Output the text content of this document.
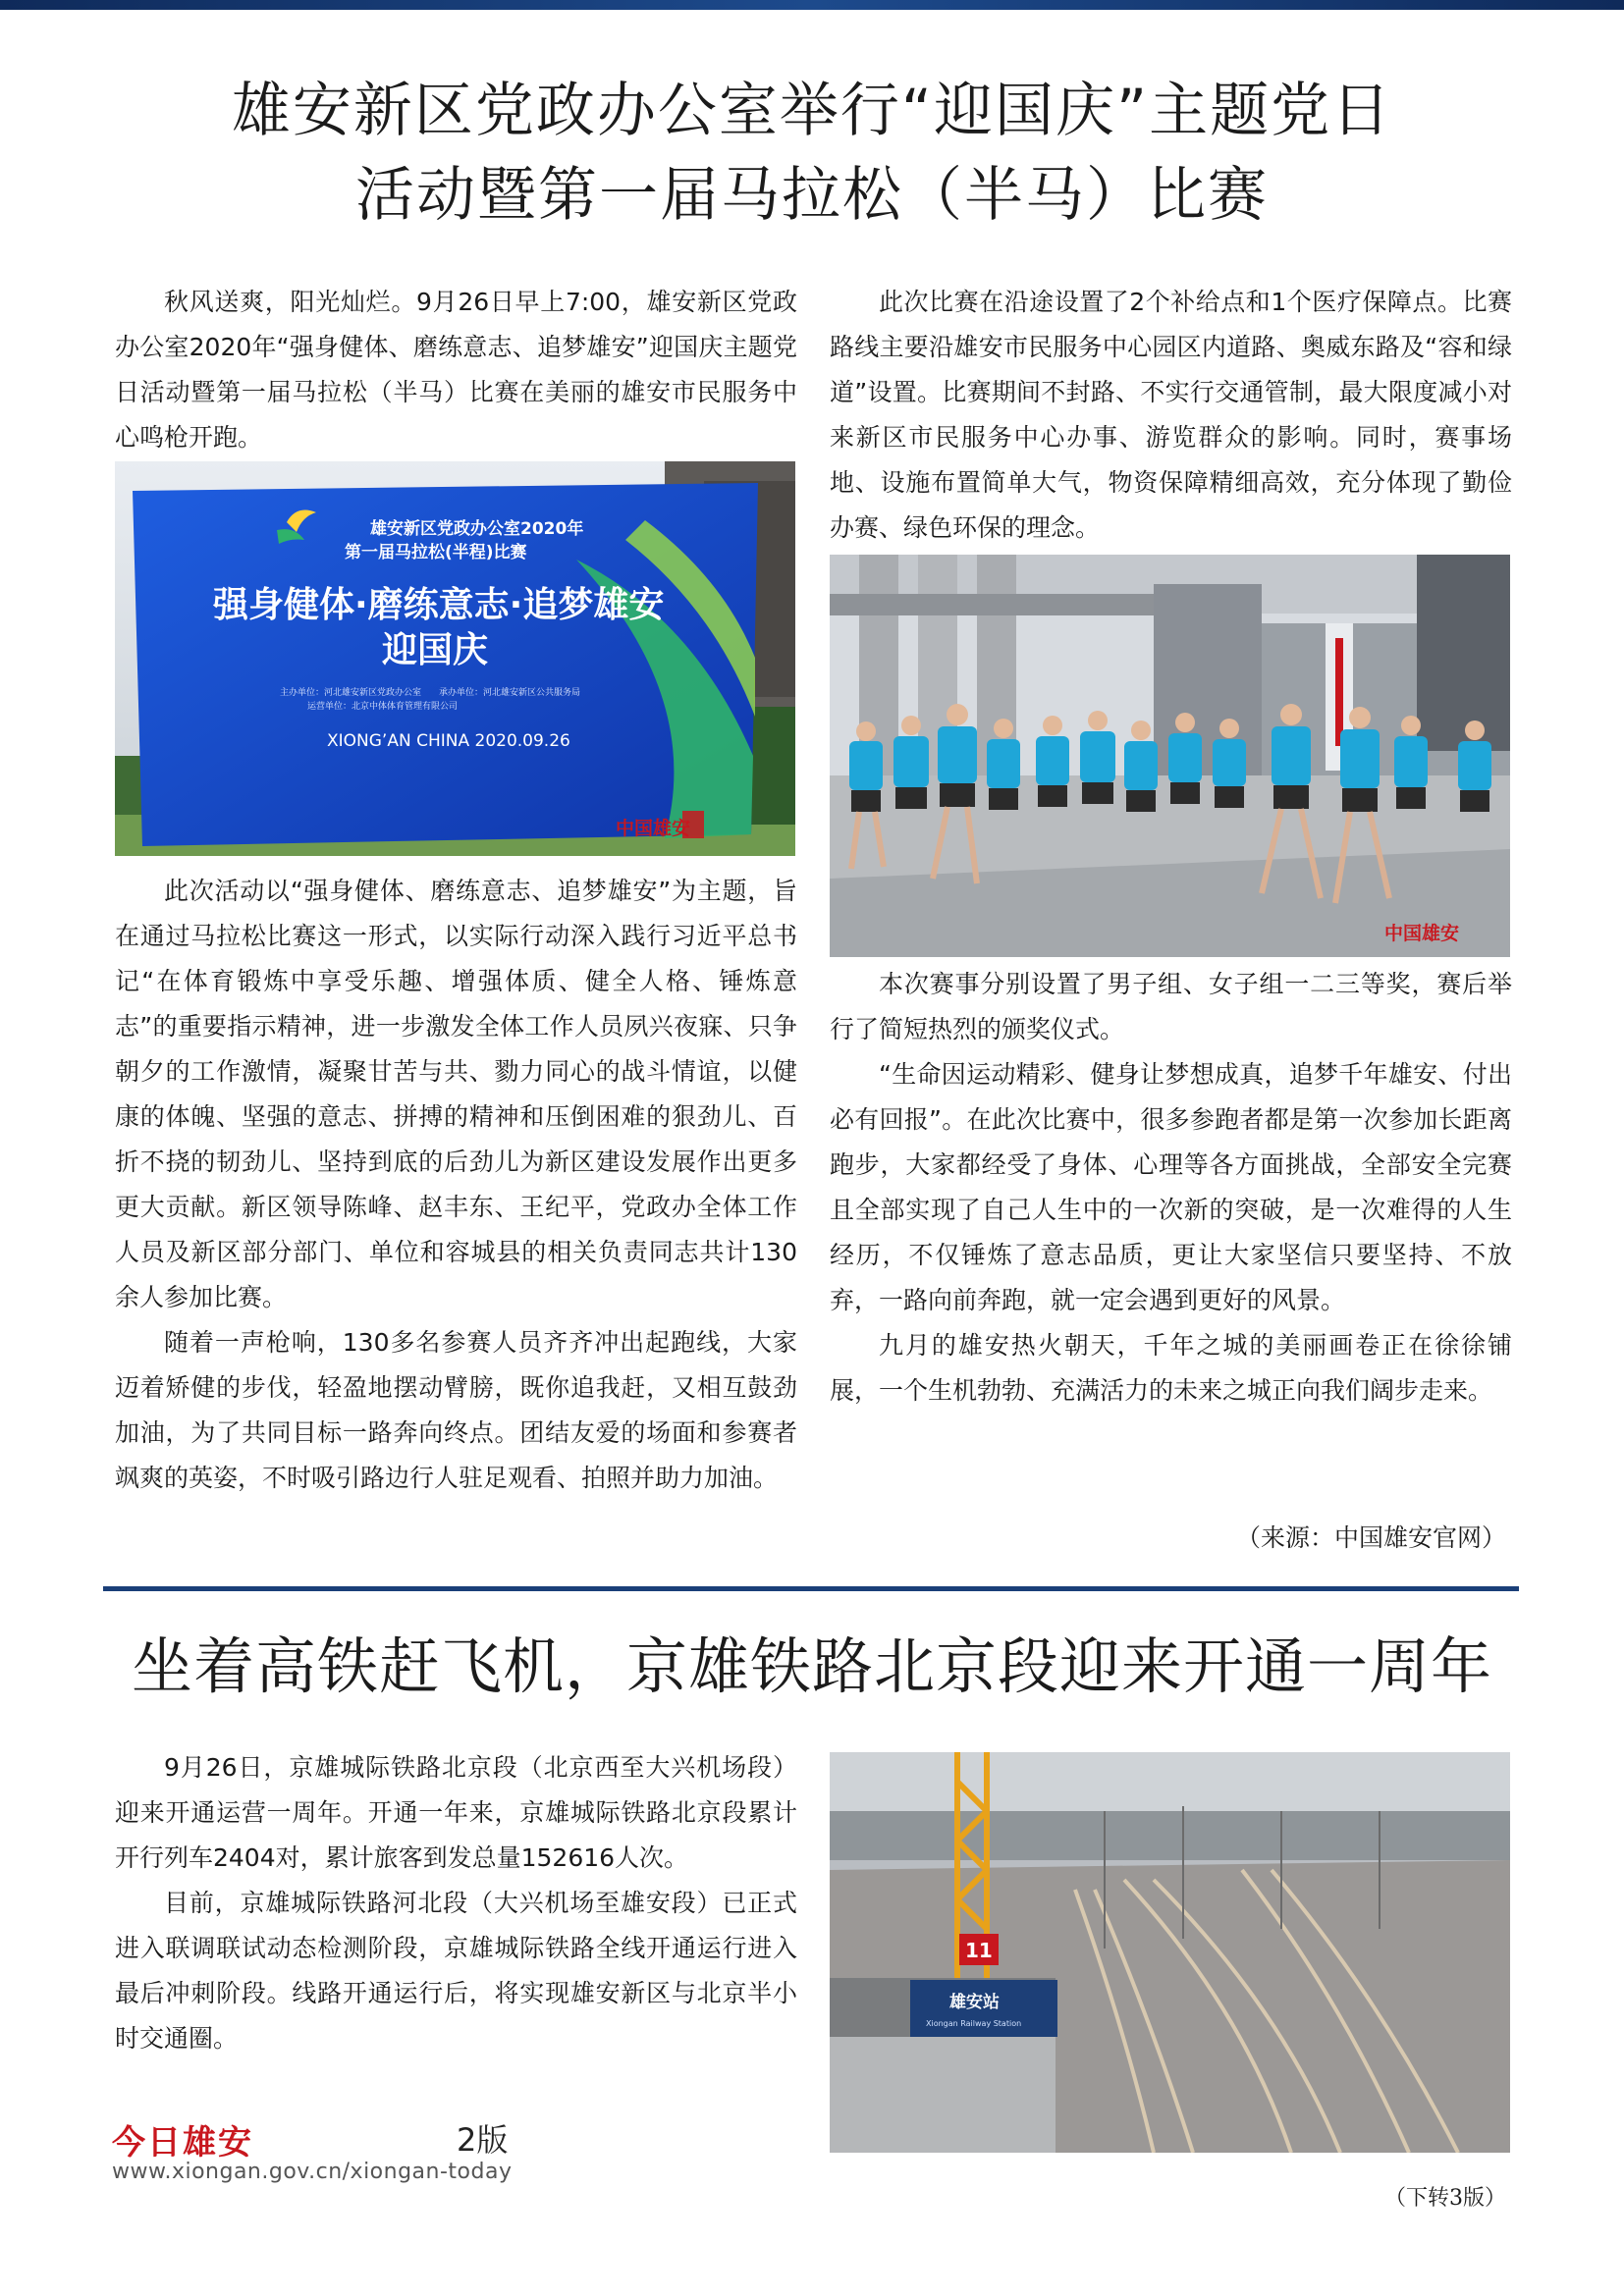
雄安新区党政办公室举行“迎国庆”主题党日
活动暨第一届马拉松（半马）比赛

秋风送爽，阳光灿烂。9月26日早上7:00，雄安新区党政办公室2020年“强身健体、磨练意志、追梦雄安”迎国庆主题党日活动暨第一届马拉松（半马）比赛在美丽的雄安市民服务中心鸣枪开跑。

雄安新区党政办公室2020年
第一届马拉松(半程)比赛
强身健体·磨练意志·追梦雄安
迎国庆
主办单位：河北雄安新区党政办公室　　承办单位：河北雄安新区公共服务局
运营单位：北京中体体育管理有限公司
XIONG’AN CHINA 2020.09.26
中国雄安

此次活动以“强身健体、磨练意志、追梦雄安”为主题，旨在通过马拉松比赛这一形式，以实际行动深入践行习近平总书记“在体育锻炼中享受乐趣、增强体质、健全人格、锤炼意志”的重要指示精神，进一步激发全体工作人员夙兴夜寐、只争朝夕的工作激情，凝聚甘苦与共、勠力同心的战斗情谊，以健康的体魄、坚强的意志、拼搏的精神和压倒困难的狠劲儿、百折不挠的韧劲儿、坚持到底的后劲儿为新区建设发展作出更多更大贡献。新区领导陈峰、赵丰东、王纪平，党政办全体工作人员及新区部分部门、单位和容城县的相关负责同志共计130余人参加比赛。

随着一声枪响，130多名参赛人员齐齐冲出起跑线，大家迈着矫健的步伐，轻盈地摆动臂膀，既你追我赶，又相互鼓劲加油，为了共同目标一路奔向终点。团结友爱的场面和参赛者飒爽的英姿，不时吸引路边行人驻足观看、拍照并助力加油。

此次比赛在沿途设置了2个补给点和1个医疗保障点。比赛路线主要沿雄安市民服务中心园区内道路、奥威东路及“容和绿道”设置。比赛期间不封路、不实行交通管制，最大限度减小对来新区市民服务中心办事、游览群众的影响。同时，赛事场地、设施布置简单大气，物资保障精细高效，充分体现了勤俭办赛、绿色环保的理念。

中国雄安

本次赛事分别设置了男子组、女子组一二三等奖，赛后举行了简短热烈的颁奖仪式。

“生命因运动精彩、健身让梦想成真，追梦千年雄安、付出必有回报”。在此次比赛中，很多参跑者都是第一次参加长距离跑步，大家都经受了身体、心理等各方面挑战，全部安全完赛且全部实现了自己人生中的一次新的突破，是一次难得的人生经历，不仅锤炼了意志品质，更让大家坚信只要坚持、不放弃，一路向前奔跑，就一定会遇到更好的风景。

九月的雄安热火朝天，千年之城的美丽画卷正在徐徐铺展，一个生机勃勃、充满活力的未来之城正向我们阔步走来。

（来源：中国雄安官网）
坐着高铁赶飞机，京雄铁路北京段迎来开通一周年

9月26日，京雄城际铁路北京段（北京西至大兴机场段）迎来开通运营一周年。开通一年来，京雄城际铁路北京段累计开行列车2404对，累计旅客到发总量152616人次。

目前，京雄城际铁路河北段（大兴机场至雄安段）已正式进入联调联试动态检测阶段，京雄城际铁路全线开通运行进入最后冲刺阶段。线路开通运行后，将实现雄安新区与北京半小时交通圈。

11
雄安站
Xiongan Railway Station
今日雄安	2版
www.xiongan.gov.cn/xiongan-today
（下转3版）
